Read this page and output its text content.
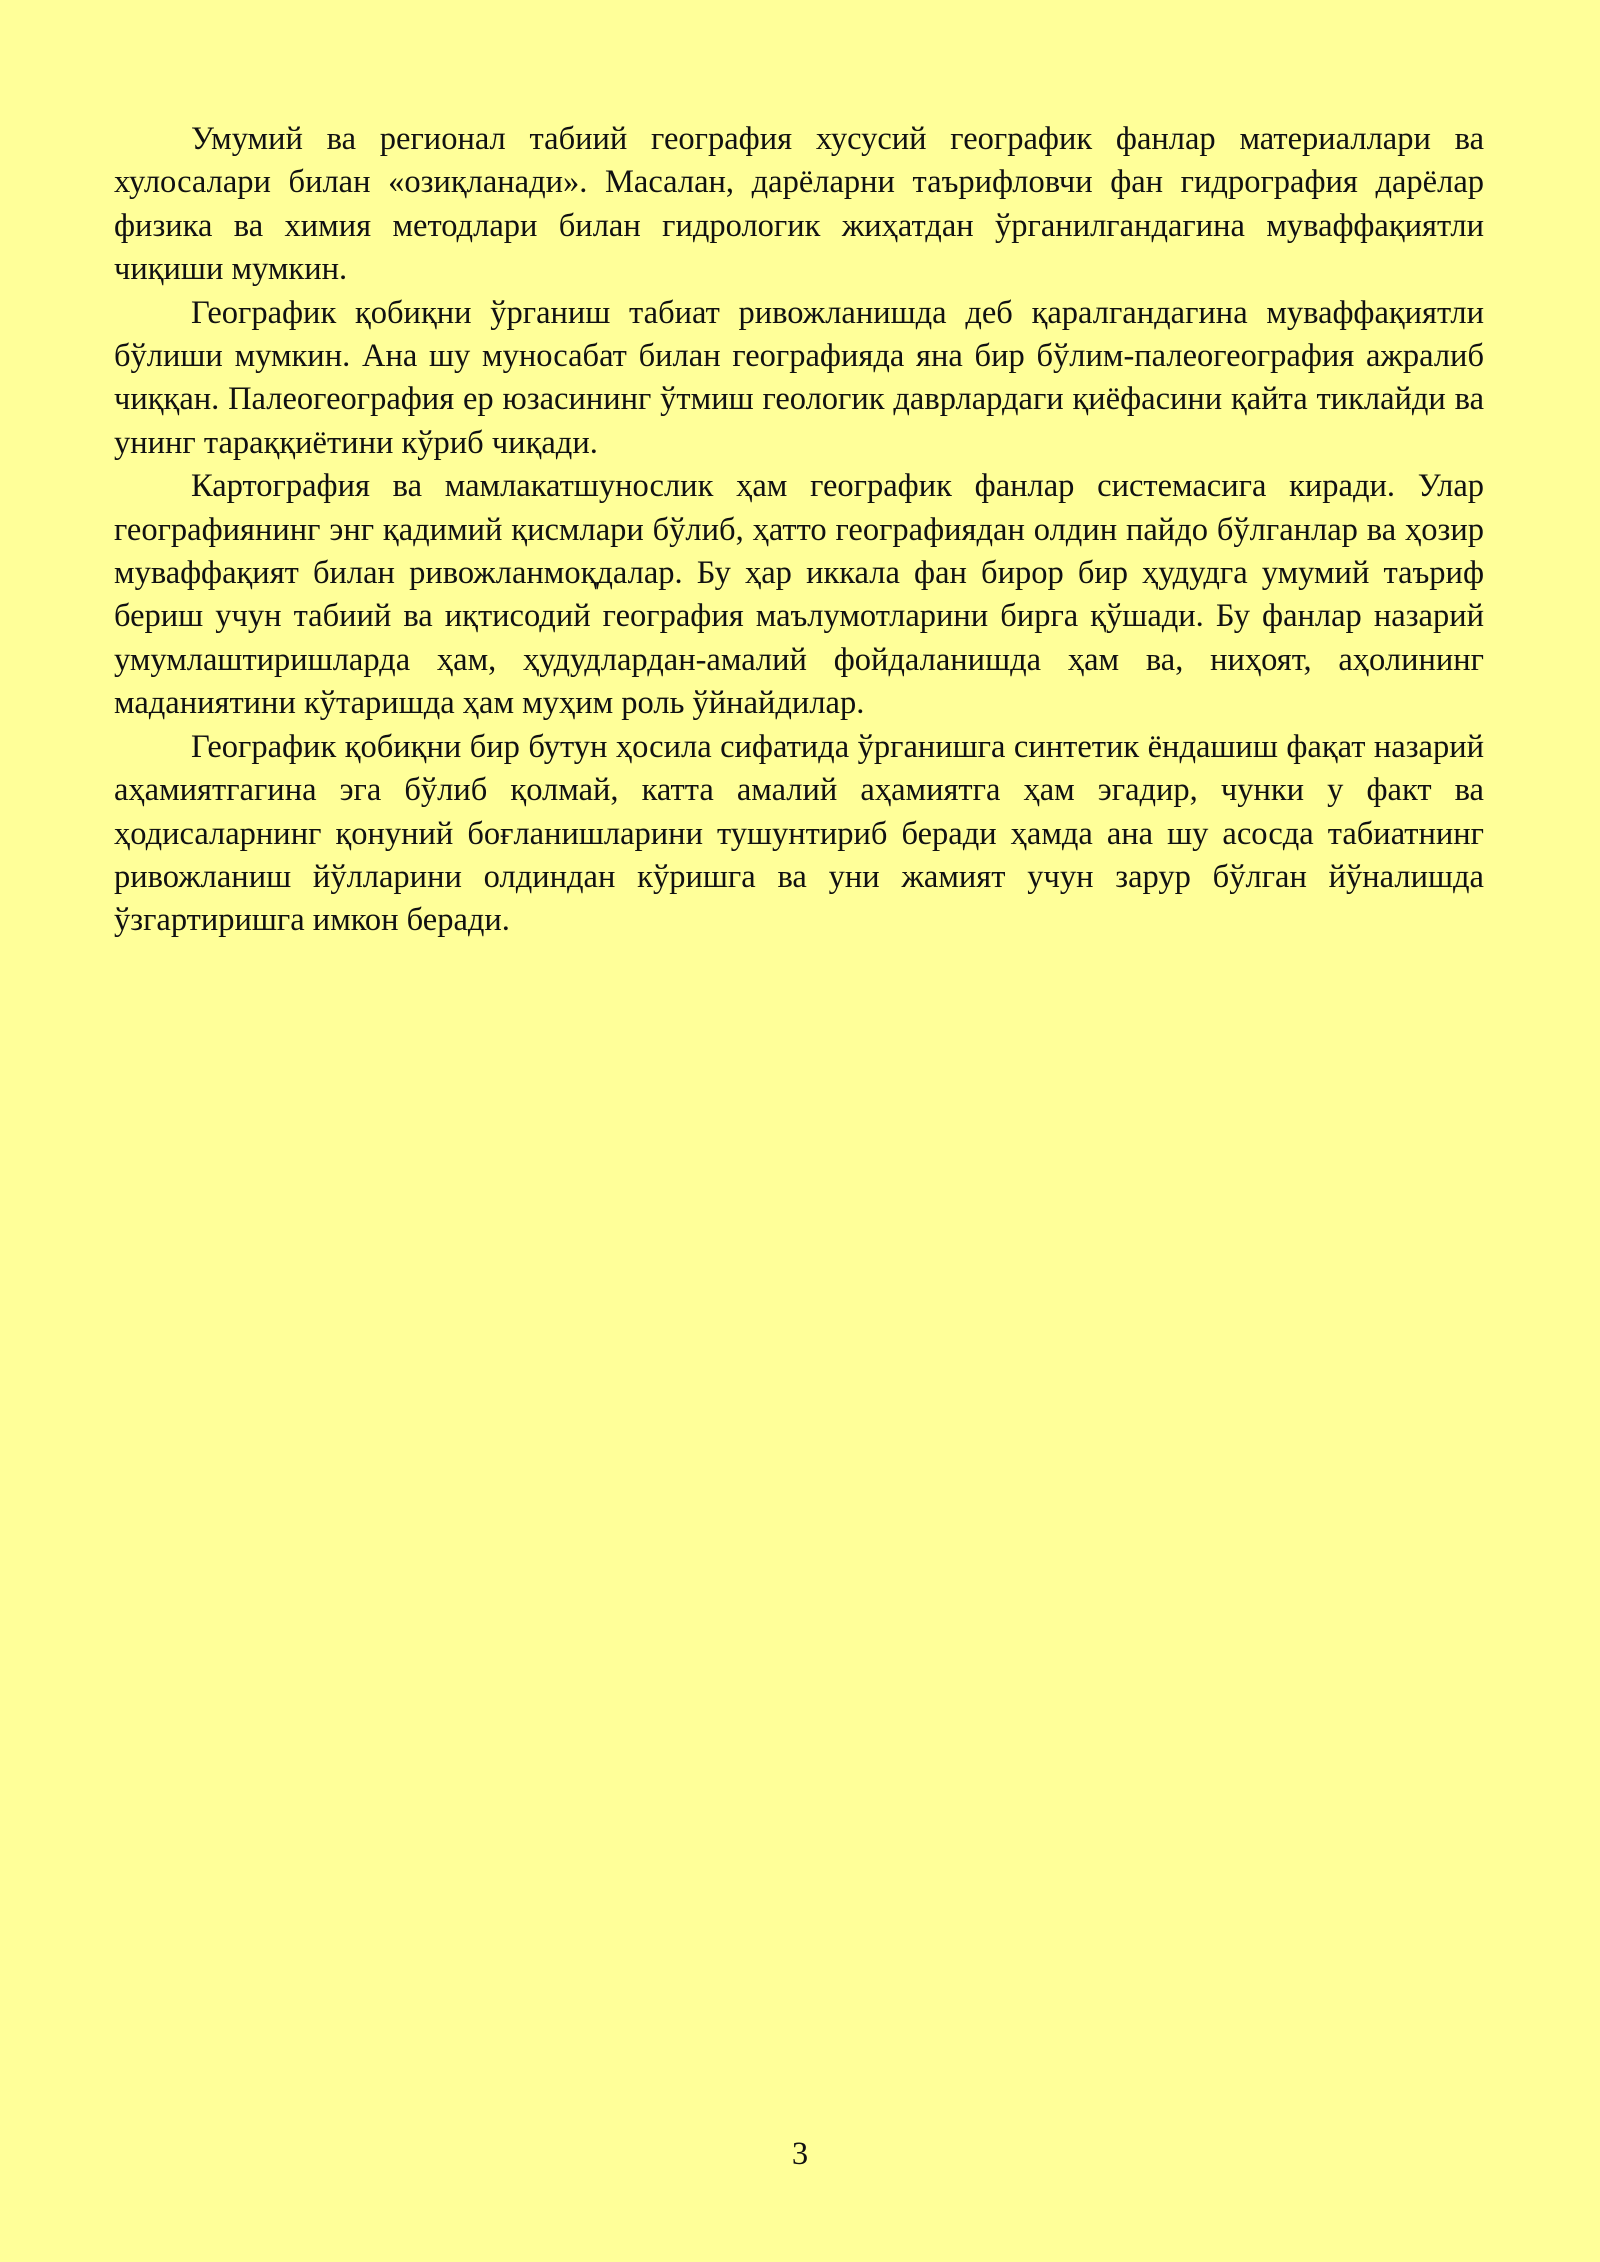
Умумий ва регионал табиий география хусусий географик фанлар материаллари ва хулосалари билан «озиқланади». Масалан, дарёларни таърифловчи фан гидрография дарёлар физика ва химия методлари билан гидрологик жиҳатдан ўрганилгандагина муваффақиятли чиқиши мумкин.

Географик қобиқни ўрганиш табиат ривожланишда деб қаралгандагина муваффақиятли бўлиши мумкин. Ана шу муносабат билан географияда яна бир бўлим-палеогеография ажралиб чиққан. Палеогеография ер юзасининг ўтмиш геологик даврлардаги қиёфасини қайта тиклайди ва унинг тараққиётини кўриб чиқади.

Картография ва мамлакатшунослик ҳам географик фанлар системасига киради. Улар географиянинг энг қадимий қисмлари бўлиб, ҳатто географиядан олдин пайдо бўлганлар ва ҳозир муваффақият билан ривожланмоқдалар. Бу ҳар иккала фан бирор бир ҳудудга умумий таъриф бериш учун табиий ва иқтисодий география маълумотларини бирга қўшади. Бу фанлар назарий умумлаштиришларда ҳам, ҳудудлардан-амалий фойдаланишда ҳам ва, ниҳоят, аҳолининг маданиятини кўтаришда ҳам муҳим роль ўйнайдилар.

Географик қобиқни бир бутун ҳосила сифатида ўрганишга синтетик ёндашиш фақат назарий аҳамиятгагина эга бўлиб қолмай, катта амалий аҳамиятга ҳам эгадир, чунки у факт ва ҳодисаларнинг қонуний боғланишларини тушунтириб беради ҳамда ана шу асосда табиатнинг ривожланиш йўлларини олдиндан кўришга ва уни жамият учун зарур бўлган йўналишда ўзгартиришга имкон беради.

3
